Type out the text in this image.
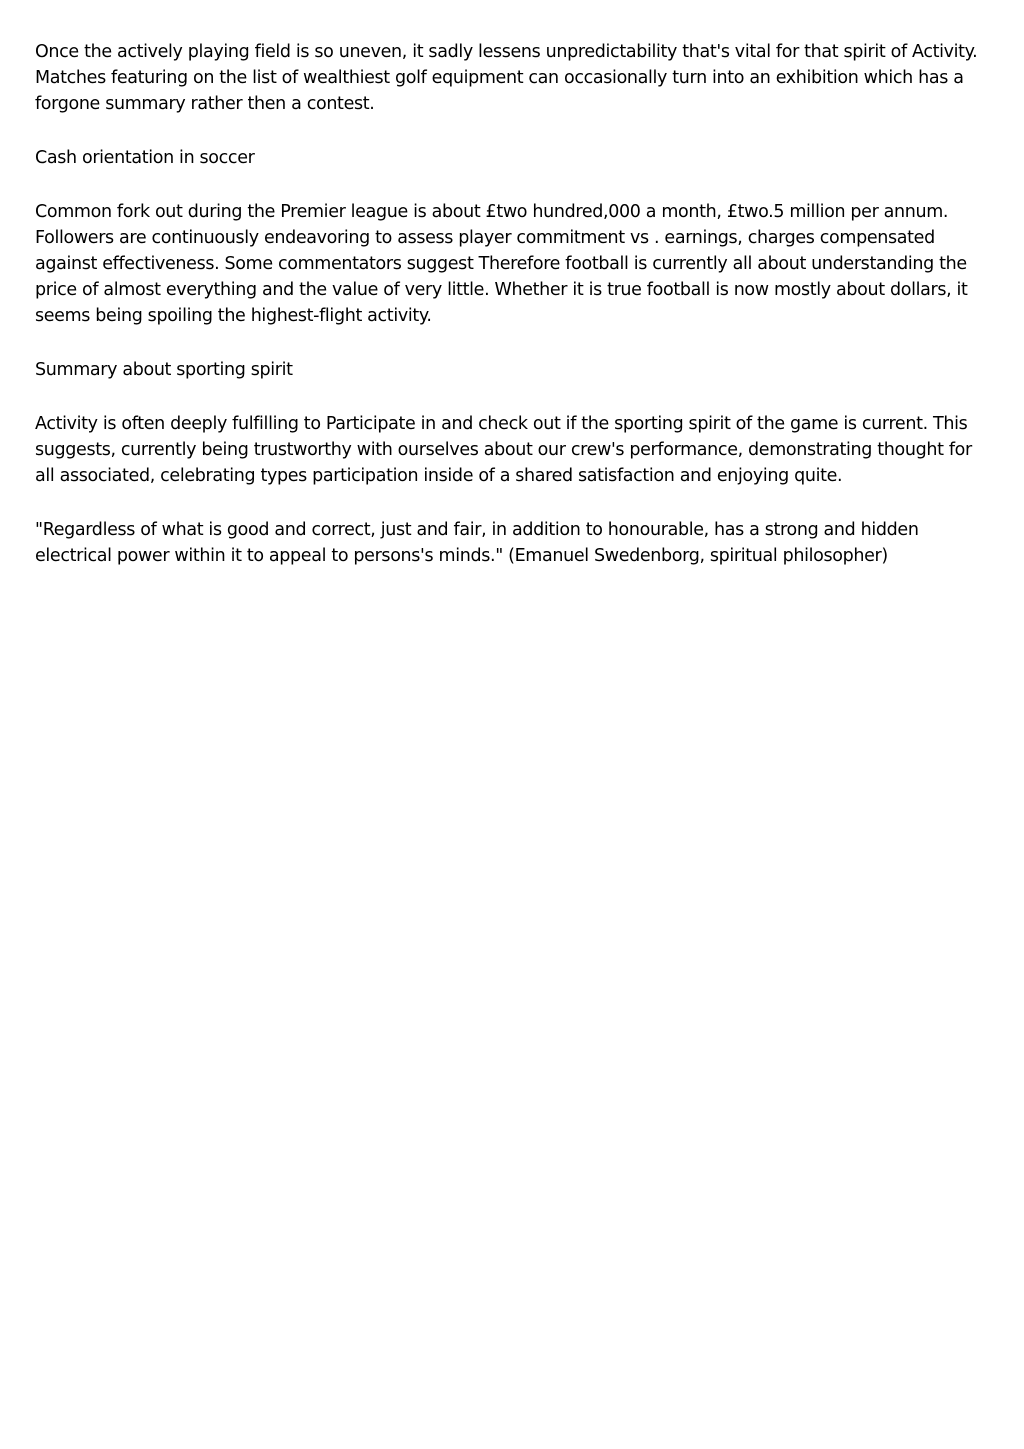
Once the actively playing field is so uneven, it sadly lessens unpredictability that's vital for that spirit of Activity. Matches featuring on the list of wealthiest golf equipment can occasionally turn into an exhibition which has a forgone summary rather then a contest.

Cash orientation in soccer

Common fork out during the Premier league is about £two hundred,000 a month, £two.5 million per annum. Followers are continuously endeavoring to assess player commitment vs . earnings, charges compensated against effectiveness. Some commentators suggest Therefore football is currently all about understanding the price of almost everything and the value of very little. Whether it is true football is now mostly about dollars, it seems being spoiling the highest-flight activity.

Summary about sporting spirit

Activity is often deeply fulfilling to Participate in and check out if the sporting spirit of the game is current. This suggests, currently being trustworthy with ourselves about our crew's performance, demonstrating thought for all associated, celebrating types participation inside of a shared satisfaction and enjoying quite.

"Regardless of what is good and correct, just and fair, in addition to honourable, has a strong and hidden electrical power within it to appeal to persons's minds." (Emanuel Swedenborg, spiritual philosopher)
